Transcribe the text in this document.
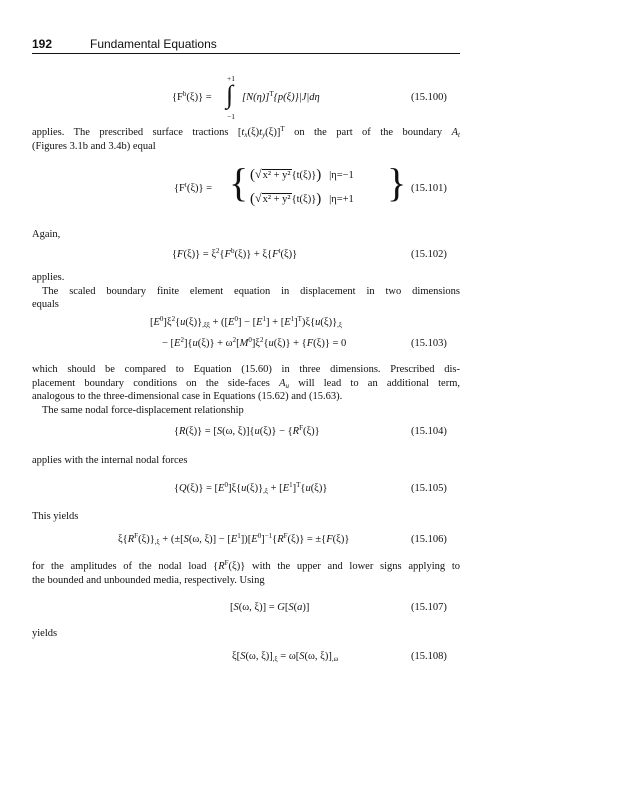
192	Fundamental Equations
$\{F^b(\xi)\}$ =
+1
∫
−1
$[N(\eta)]^T\{p(\xi)\}|J|d\eta$	(15.100)
applies. The prescribed surface tractions $[t_x(\xi)t_y(\xi)]^T$ on the part of the boundary $A_t$
(Figures 3.1b and 3.4b) equal
$\{F^t(\xi)\}$ = { (√x² + y²{t(ξ)}) |η=−1
(√x² + y²{t(ξ)}) |η=+1 } (15.101)
Again,
$\{F(\xi)\} = \xi^2\{F^b(\xi)\} + \xi\{F^t(\xi)\}$	(15.102)
applies.
The scaled boundary finite element equation in displacement in two dimensions
equals
$[E^0]\xi^2\{u(\xi)\}_{,\xi\xi} + ([E^0] - [E^1] + [E^1]^T)\xi\{u(\xi)\}_{,\xi}$
− $[E^2]\{u(\xi)\} + \omega^2[M^0]\xi^2\{u(\xi)\} + \{F(\xi)\} = 0$	(15.103)
which should be compared to Equation (15.60) in three dimensions. Prescribed dis-
placement boundary conditions on the side-faces $A_u$ will lead to an additional term,
analogous to the three-dimensional case in Equations (15.62) and (15.63).
The same nodal force-displacement relationship
{R(ξ)} = [S(ω, $\xi)]\{u(\xi)\} - \{R^F(\xi)\}$	(15.104)
applies with the internal nodal forces
$\{Q(\xi)\} = [E^0]\xi\{u(\xi)\}_{,\xi} + [E^1]^T\{u(\xi)\}$	(15.105)
This yields
$\xi\{R^F(\xi)\}_{,\xi} + (\pm[S(\omega$, $\xi)] - [E^1])[E^0]^{-1}\{R^F(\xi)\} = \pm\{F(\xi)\}$	(15.106)
for the amplitudes of the nodal load $\{R^F(\xi)\}$ with the upper and lower signs applying to
the bounded and unbounded media, respectively. Using
[S(ω, ξ)] = G[S(a)]	(15.107)
yields
ξ[S(ω, $\xi)]_{,\xi} = \omega[S(\omega$, $\xi)]_{,\omega}$	(15.108)
